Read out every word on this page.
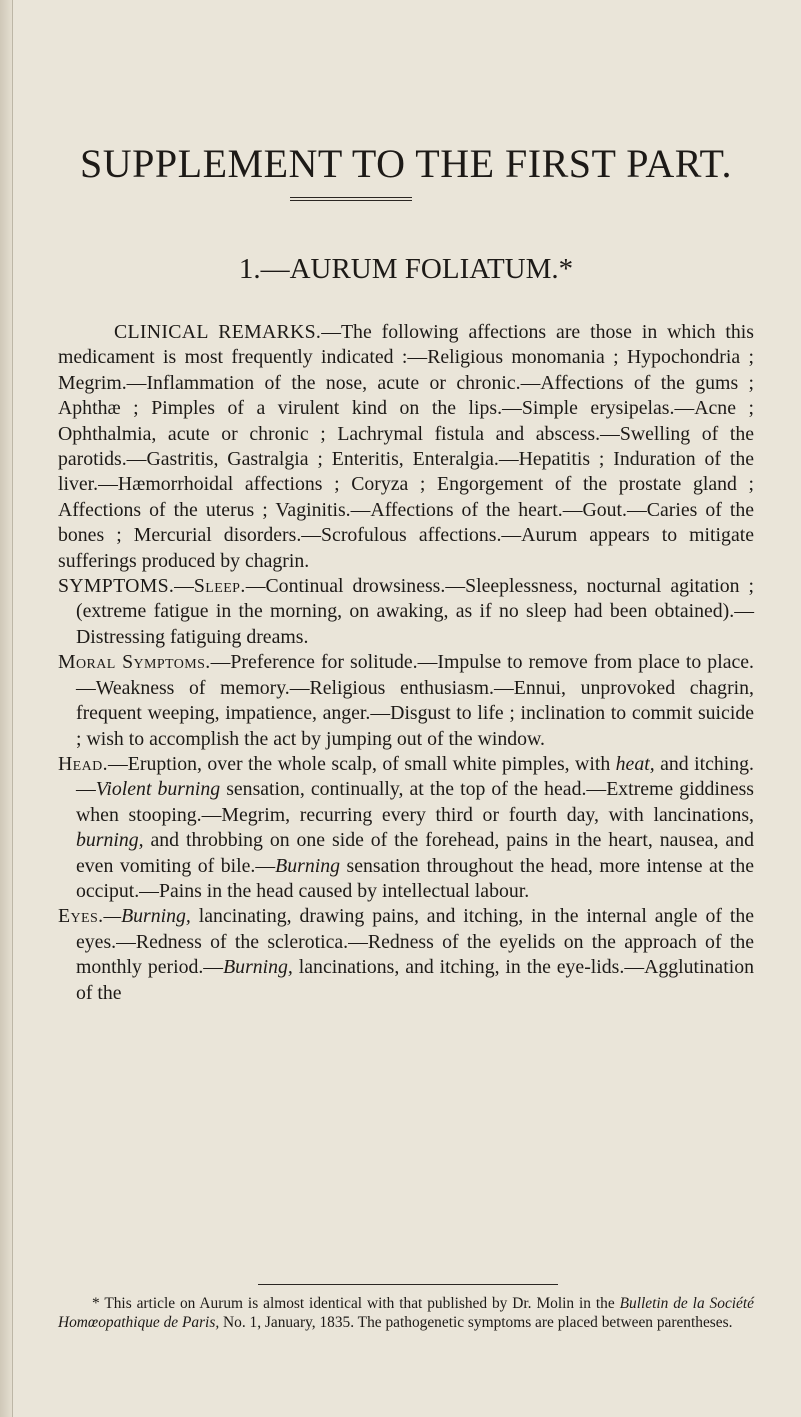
SUPPLEMENT TO THE FIRST PART.
1.—AURUM FOLIATUM.*

CLINICAL REMARKS.—The following affections are those in which this medicament is most frequently indicated :—Religious monomania ; Hypochondria ; Megrim.—Inflammation of the nose, acute or chronic.—Affections of the gums ; Aphthæ ; Pimples of a virulent kind on the lips.—Simple erysipelas.—Acne ; Ophthalmia, acute or chronic ; Lachrymal fistula and abscess.—Swelling of the parotids.—Gastritis, Gastralgia ; Enteritis, Enteralgia.—Hepatitis ; Induration of the liver.—Hæmorrhoidal affections ; Coryza ; Engorgement of the prostate gland ; Affections of the uterus ; Vaginitis.—Affections of the heart.—Gout.—Caries of the bones ; Mercurial disorders.—Scrofulous affections.—Aurum appears to mitigate sufferings produced by chagrin.

SYMPTOMS.—Sleep.—Continual drowsiness.—Sleeplessness, nocturnal agitation ; (extreme fatigue in the morning, on awaking, as if no sleep had been obtained).—Distressing fatiguing dreams.

Moral Symptoms.—Preference for solitude.—Impulse to remove from place to place.—Weakness of memory.—Religious enthusiasm.—Ennui, unprovoked chagrin, frequent weeping, impatience, anger.—Disgust to life ; inclination to commit suicide ; wish to accomplish the act by jumping out of the window.

Head.—Eruption, over the whole scalp, of small white pimples, with heat, and itching.—Violent burning sensation, continually, at the top of the head.—Extreme giddiness when stooping.—Megrim, recurring every third or fourth day, with lancinations, burning, and throbbing on one side of the forehead, pains in the heart, nausea, and even vomiting of bile.—Burning sensation throughout the head, more intense at the occiput.—Pains in the head caused by intellectual labour.

Eyes.—Burning, lancinating, drawing pains, and itching, in the internal angle of the eyes.—Redness of the sclerotica.—Redness of the eyelids on the approach of the monthly period.—Burning, lancinations, and itching, in the eye-lids.—Agglutination of the

* This article on Aurum is almost identical with that published by Dr. Molin in the Bulletin de la Société Homœopathique de Paris, No. 1, January, 1835. The pathogenetic symptoms are placed between parentheses.
